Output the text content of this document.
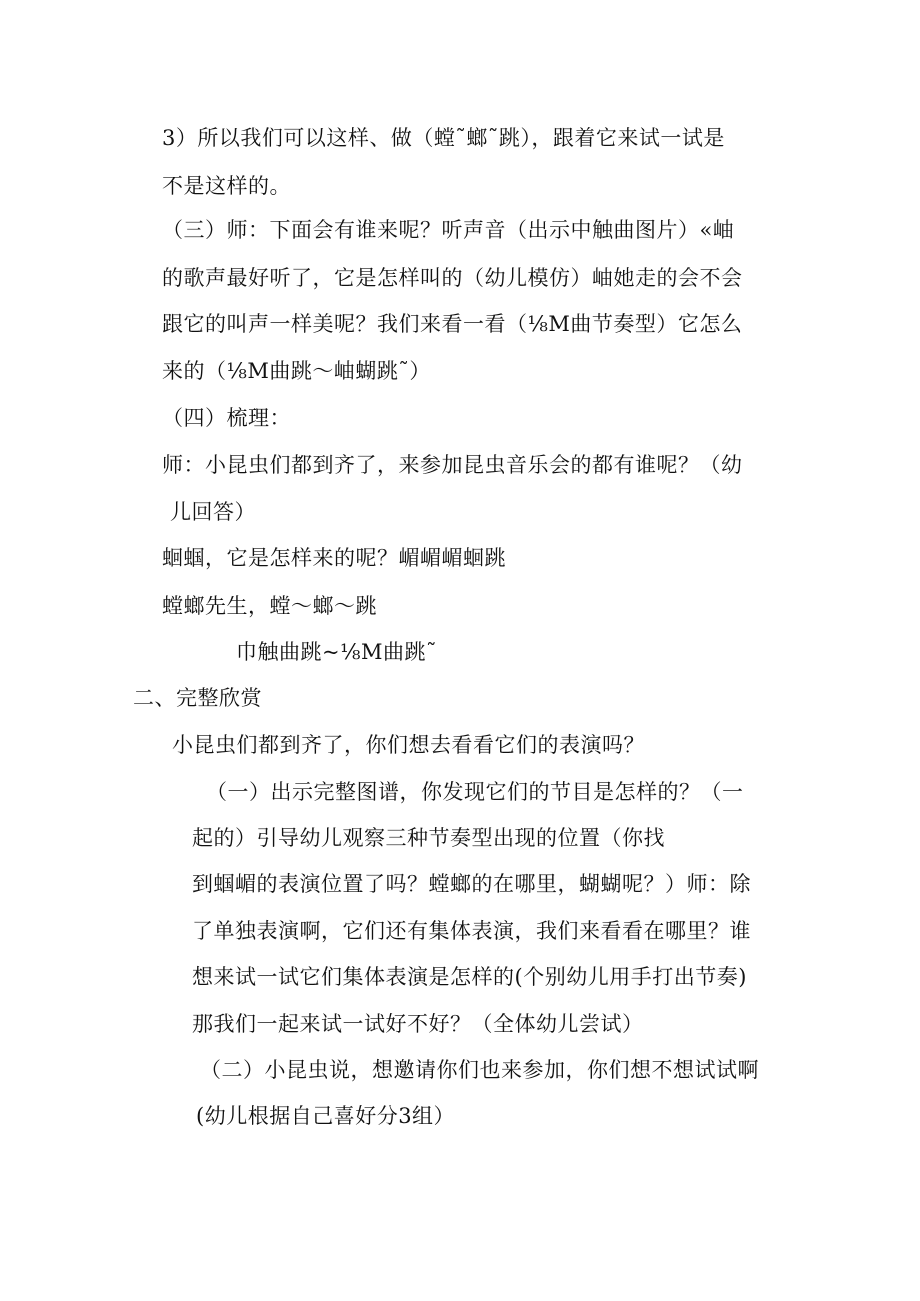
3）所以我们可以这样、做（螳˜螂˜跳），跟着它来试一试是
不是这样的。
（三）师：下面会有谁来呢？听声音（出示中触曲图片）«岫
的歌声最好听了，它是怎样叫的（幼儿模仿）岫她走的会不会
跟它的叫声一样美呢？我们来看一看（⅛M曲节奏型）它怎么
来的（⅛M曲跳～岫蝴跳˜）
（四）梳理：
师：小昆虫们都到齐了，来参加昆虫音乐会的都有谁呢？（幼
儿回答）
蛔蝈，它是怎样来的呢？嵋嵋嵋蛔跳
螳螂先生，螳～螂～跳
巾触曲跳~⅛M曲跳˜
二、完整欣赏
小昆虫们都到齐了，你们想去看看它们的表演吗？
（一）出示完整图谱，你发现它们的节目是怎样的？（一
起的）引导幼儿观察三种节奏型出现的位置（你找
到蝈嵋的表演位置了吗？螳螂的在哪里，蝴蝴呢？）师：除
了单独表演啊，它们还有集体表演，我们来看看在哪里？谁
想来试一试它们集体表演是怎样的(个别幼儿用手打出节奏)
那我们一起来试一试好不好？（全体幼儿尝试）
（二）小昆虫说，想邀请你们也来参加，你们想不想试试啊
(幼儿根据自己喜好分3组）
